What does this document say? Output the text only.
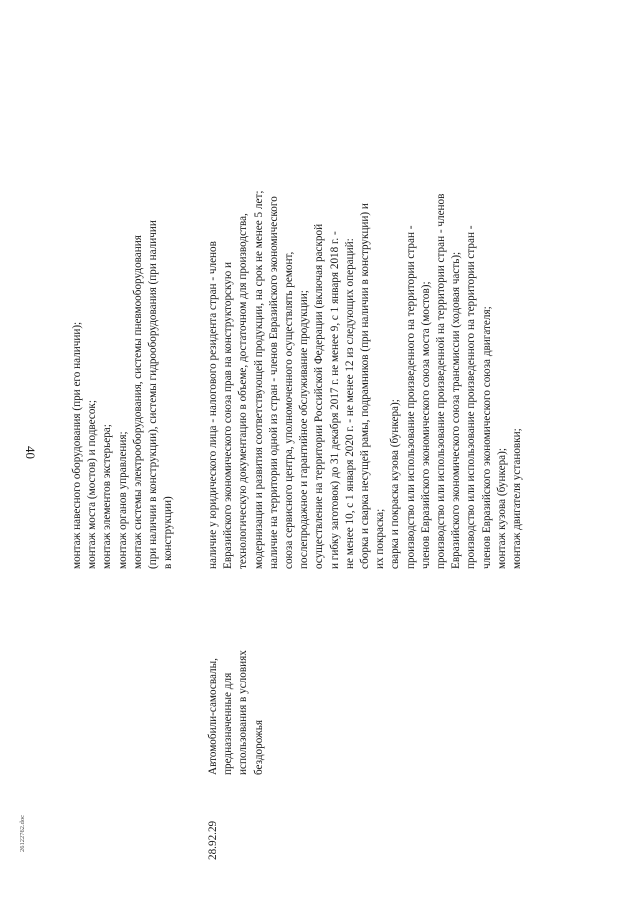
40
26122762.doc
монтаж навесного оборудования (при его наличии); монтаж моста (мостов) и подвесок; монтаж элементов экстерьера; монтаж органов управления; монтаж системы электрооборудования, системы пневмооборудования (при наличии в конструкции), системы гидрооборудования (при наличии в конструкции)
28.92.29
Автомобили-самосвалы, предназначенные для использования в условиях бездорожья
наличие у юридического лица - налогового резидента стран - членов Евразийского экономического союза прав на конструкторскую и технологическую документацию в объеме, достаточном для производства, модернизации и развития соответствующей продукции, на срок не менее 5 лет; наличие на территории одной из стран - членов Евразийского экономического союза сервисного центра, уполномоченного осуществлять ремонт, послепродажное и гарантийное обслуживание продукции; осуществление на территории Российской Федерации (включая раскрой и гибку заготовок) до 31 декабря 2017 г. не менее 9, с 1 января 2018 г. - не менее 10, с 1 января 2020 г. - не менее 12 из следующих операций: сборка и сварка несущей рамы, подрамников (при наличии в конструкции) и их покраска; сварка и покраска кузова (бункера); производство или использование произведенного на территории стран - членов Евразийского экономического союза моста (мостов); производство или использование произведенной на территории стран - членов Евразийского экономического союза трансмиссии (ходовая часть); производство или использование произведенного на территории стран - членов Евразийского экономического союза двигателя; монтаж кузова (бункера); монтаж двигателя установки;
